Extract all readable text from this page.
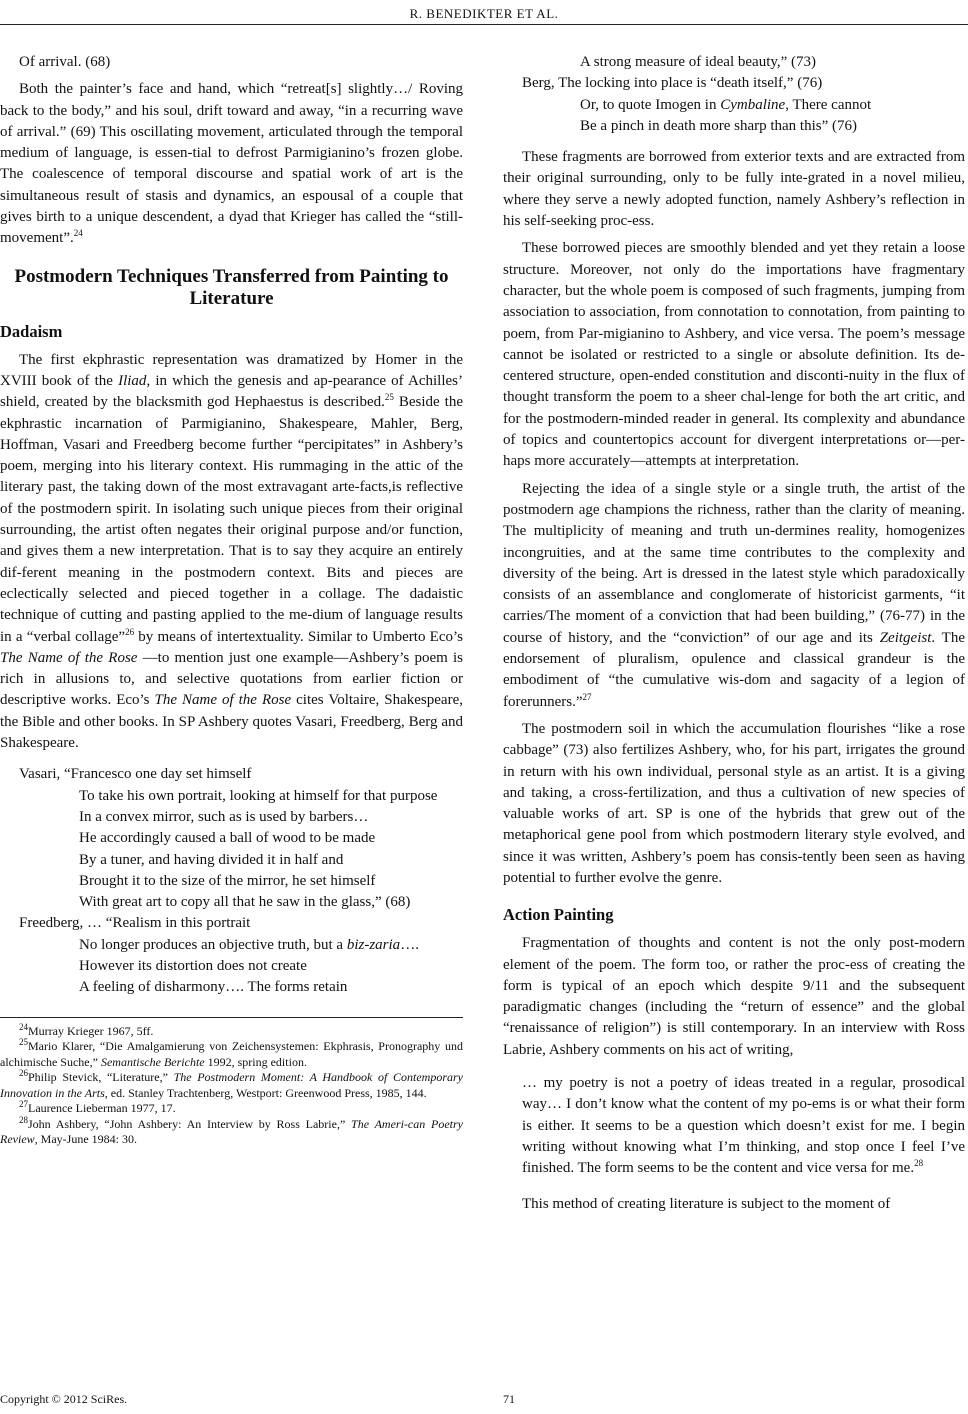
R. BENEDIKTER ET AL.

Of arrival. (68)

Both the painter’s face and hand, which “retreat[s] slightly…/ Roving back to the body,” and his soul, drift toward and away, “in a recurring wave of arrival.” (69) This oscillating movement, articulated through the temporal medium of language, is essen-tial to defrost Parmigianino’s frozen globe. The coalescence of temporal discourse and spatial work of art is the simultaneous result of stasis and dynamics, an espousal of a couple that gives birth to a unique descendent, a dyad that Krieger has called the “still-movement”.$^{24}$

Postmodern Techniques Transferred from Painting to Literature
Dadaism

The first ekphrastic representation was dramatized by Homer in the XVIII book of the Iliad, in which the genesis and ap-pearance of Achilles’ shield, created by the blacksmith god Hephaestus is described.$^{25}$ Beside the ekphrastic incarnation of Parmigianino, Shakespeare, Mahler, Berg, Hoffman, Vasari and Freedberg become further “percipitates” in Ashbery’s poem, merging into his literary context. His rummaging in the attic of the literary past, the taking down of the most extravagant arte-facts,is reflective of the postmodern spirit. In isolating such unique pieces from their original surrounding, the artist often negates their original purpose and/or function, and gives them a new interpretation. That is to say they acquire an entirely dif-ferent meaning in the postmodern context. Bits and pieces are eclectically selected and pieced together in a collage. The dadaistic technique of cutting and pasting applied to the me-dium of language results in a “verbal collage”$^{26}$ by means of intertextuality. Similar to Umberto Eco’s The Name of the Rose —to mention just one example—Ashbery’s poem is rich in allusions to, and selective quotations from earlier fiction or descriptive works. Eco’s The Name of the Rose cites Voltaire, Shakespeare, the Bible and other books. In SP Ashbery quotes Vasari, Freedberg, Berg and Shakespeare.

Vasari, “Francesco one day set himself
To take his own portrait, looking at himself for that purpose
In a convex mirror, such as is used by barbers…
He accordingly caused a ball of wood to be made
By a tuner, and having divided it in half and
Brought it to the size of the mirror, he set himself
With great art to copy all that he saw in the glass,” (68)
Freedberg, … “Realism in this portrait
No longer produces an objective truth, but a biz-zaria….
However its distortion does not create
A feeling of disharmony…. The forms retain

$^{24}$Murray Krieger 1967, 5ff.

$^{25}$Mario Klarer, “Die Amalgamierung von Zeichensystemen: Ekphrasis, Pronography und alchimische Suche,” Semantische Berichte 1992, spring edition.

$^{26}$Philip Stevick, “Literature,” The Postmodern Moment: A Handbook of Contemporary Innovation in the Arts, ed. Stanley Trachtenberg, Westport: Greenwood Press, 1985, 144.

$^{27}$Laurence Lieberman 1977, 17.

$^{28}$John Ashbery, “John Ashbery: An Interview by Ross Labrie,” The Ameri-can Poetry Review, May-June 1984: 30.

A strong measure of ideal beauty,” (73)
Berg, The locking into place is “death itself,” (76)
Or, to quote Imogen in Cymbaline, There cannot
Be a pinch in death more sharp than this” (76)

These fragments are borrowed from exterior texts and are extracted from their original surrounding, only to be fully inte-grated in a novel milieu, where they serve a newly adopted function, namely Ashbery’s reflection in his self-seeking proc-ess.

These borrowed pieces are smoothly blended and yet they retain a loose structure. Moreover, not only do the importations have fragmentary character, but the whole poem is composed of such fragments, jumping from association to association, from connotation to connotation, from painting to poem, from Par-migianino to Ashbery, and vice versa. The poem’s message cannot be isolated or restricted to a single or absolute definition. Its de-centered structure, open-ended constitution and disconti-nuity in the flux of thought transform the poem to a sheer chal-lenge for both the art critic, and for the postmodern-minded reader in general. Its complexity and abundance of topics and countertopics account for divergent interpretations or—per-haps more accurately—attempts at interpretation.

Rejecting the idea of a single style or a single truth, the artist of the postmodern age champions the richness, rather than the clarity of meaning. The multiplicity of meaning and truth un-dermines reality, homogenizes incongruities, and at the same time contributes to the complexity and diversity of the being. Art is dressed in the latest style which paradoxically consists of an assemblance and conglomerate of historicist garments, “it carries/The moment of a conviction that had been building,” (76-77) in the course of history, and the “conviction” of our age and its Zeitgeist. The endorsement of pluralism, opulence and classical grandeur is the embodiment of “the cumulative wis-dom and sagacity of a legion of forerunners.”$^{27}$

The postmodern soil in which the accumulation flourishes “like a rose cabbage” (73) also fertilizes Ashbery, who, for his part, irrigates the ground in return with his own individual, personal style as an artist. It is a giving and taking, a cross-fertilization, and thus a cultivation of new species of valuable works of art. SP is one of the hybrids that grew out of the metaphorical gene pool from which postmodern literary style evolved, and since it was written, Ashbery’s poem has consis-tently been seen as having potential to further evolve the genre.

Action Painting

Fragmentation of thoughts and content is not the only post-modern element of the poem. The form too, or rather the proc-ess of creating the form is typical of an epoch which despite 9/11 and the subsequent paradigmatic changes (including the “return of essence” and the global “renaissance of religion”) is still contemporary. In an interview with Ross Labrie, Ashbery comments on his act of writing,

… my poetry is not a poetry of ideas treated in a regular, prosodical way… I don’t know what the content of my po-ems is or what their form is either. It seems to be a question which doesn’t exist for me. I begin writing without knowing what I’m thinking, and stop once I feel I’ve finished. The form seems to be the content and vice versa for me.$^{28}$

This method of creating literature is subject to the moment of

Copyright © 2012 SciRes.	71
